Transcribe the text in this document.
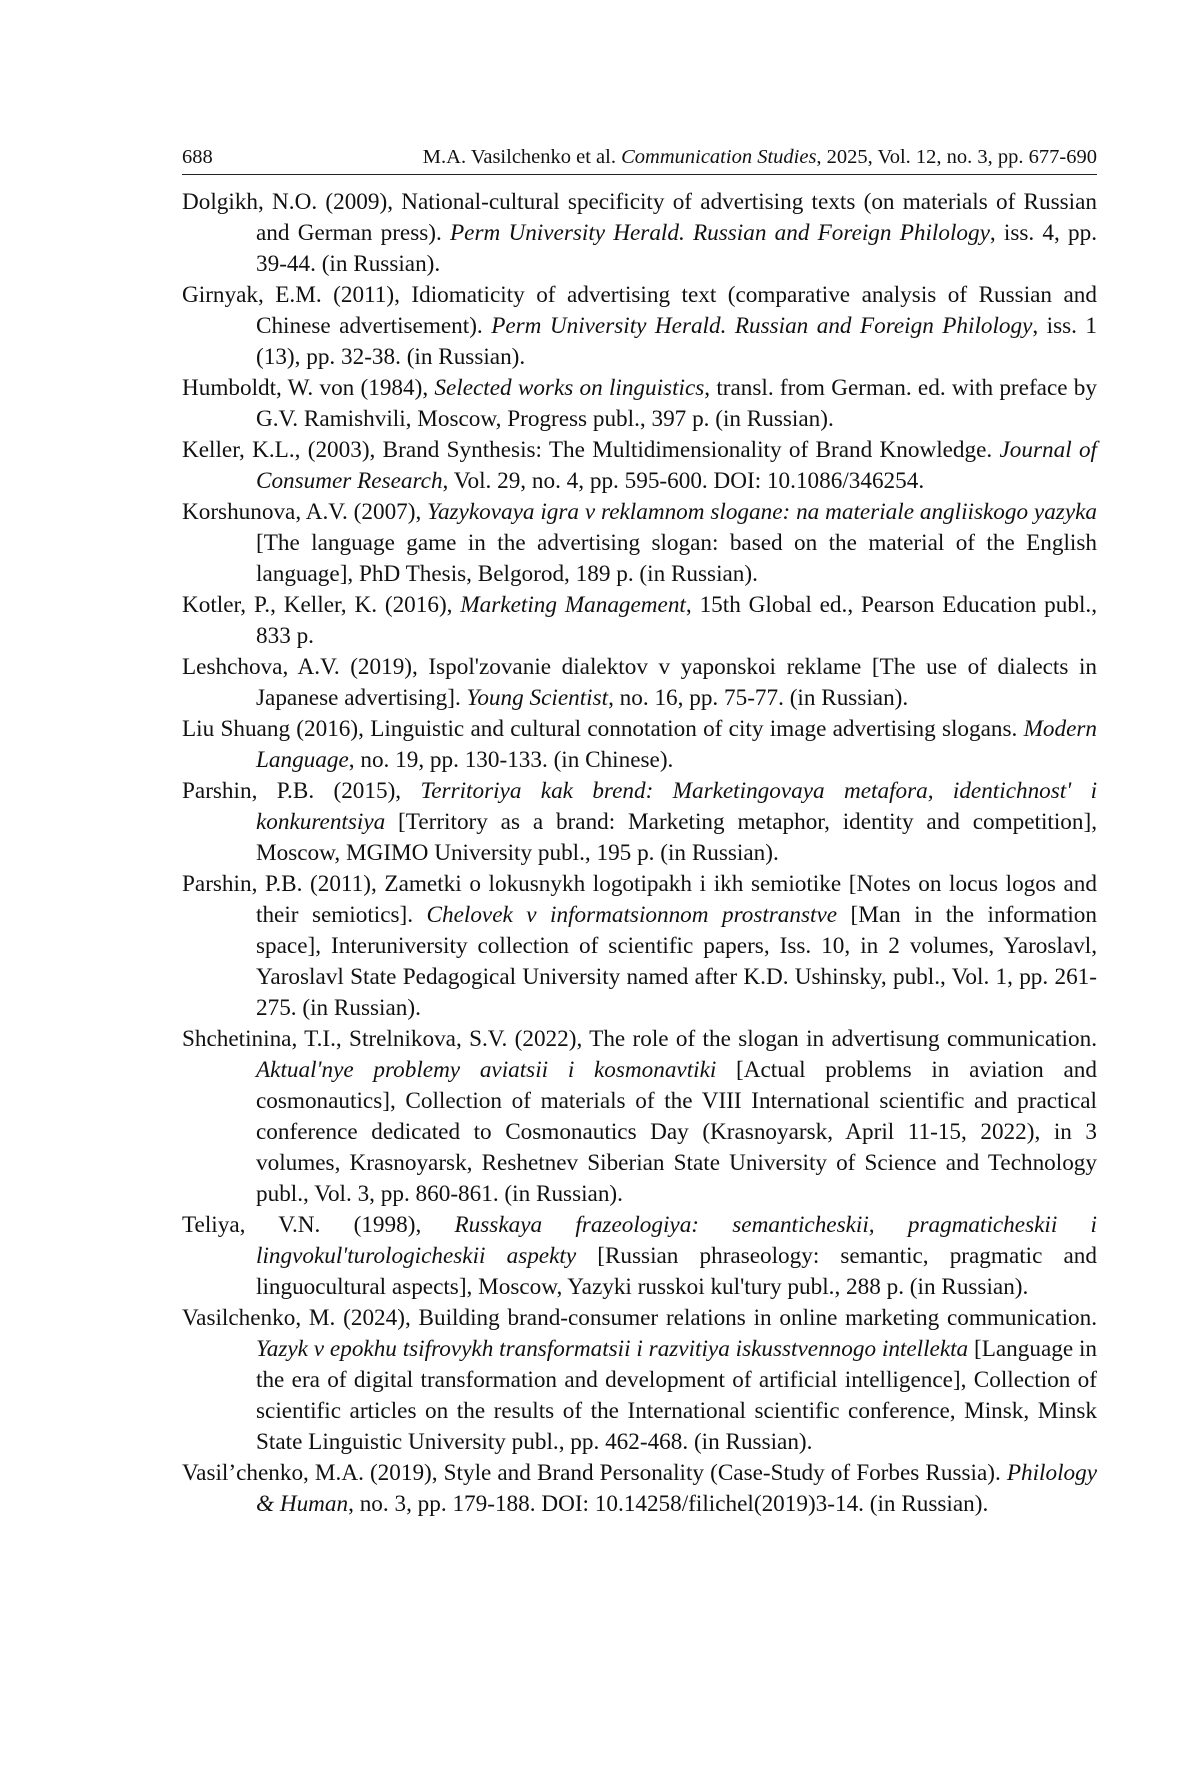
688	M.A. Vasilchenko et al. Communication Studies, 2025, Vol. 12, no. 3, pp. 677-690

Dolgikh, N.O. (2009), National-cultural specificity of advertising texts (on materials of Russian and German press). Perm University Herald. Russian and Foreign Philology, iss. 4, pp. 39-44. (in Russian).

Girnyak, E.M. (2011), Idiomaticity of advertising text (comparative analysis of Russian and Chinese advertisement). Perm University Herald. Russian and Foreign Philology, iss. 1 (13), pp. 32-38. (in Russian).

Humboldt, W. von (1984), Selected works on linguistics, transl. from German. ed. with preface by G.V. Ramishvili, Moscow, Progress publ., 397 p. (in Russian).

Keller, K.L., (2003), Brand Synthesis: The Multidimensionality of Brand Knowledge. Journal of Consumer Research, Vol. 29, no. 4, pp. 595-600. DOI: 10.1086/346254.

Korshunova, A.V. (2007), Yazykovaya igra v reklamnom slogane: na materiale angliiskogo yazyka [The language game in the advertising slogan: based on the material of the English language], PhD Thesis, Belgorod, 189 p. (in Russian).

Kotler, P., Keller, K. (2016), Marketing Management, 15th Global ed., Pearson Education publ., 833 p.

Leshchova, A.V. (2019), Ispol'zovanie dialektov v yaponskoi reklame [The use of dialects in Japanese advertising]. Young Scientist, no. 16, pp. 75-77. (in Russian).

Liu Shuang (2016), Linguistic and cultural connotation of city image advertising slogans. Modern Language, no. 19, pp. 130-133. (in Chinese).

Parshin, P.B. (2015), Territoriya kak brend: Marketingovaya metafora, identichnost' i konkurentsiya [Territory as a brand: Marketing metaphor, identity and competition], Moscow, MGIMO University publ., 195 p. (in Russian).

Parshin, P.B. (2011), Zametki o lokusnykh logotipakh i ikh semiotike [Notes on locus logos and their semiotics]. Chelovek v informatsionnom prostranstve [Man in the information space], Interuniversity collection of scientific papers, Iss. 10, in 2 volumes, Yaroslavl, Yaroslavl State Pedagogical University named after K.D. Ushinsky, publ., Vol. 1, pp. 261-275. (in Russian).

Shchetinina, T.I., Strelnikova, S.V. (2022), The role of the slogan in advertisung communication. Aktual'nye problemy aviatsii i kosmonavtiki [Actual problems in aviation and cosmonautics], Collection of materials of the VIII International scientific and practical conference dedicated to Cosmonautics Day (Krasnoyarsk, April 11-15, 2022), in 3 volumes, Krasnoyarsk, Reshetnev Siberian State University of Science and Technology publ., Vol. 3, pp. 860-861. (in Russian).

Teliya, V.N. (1998), Russkaya frazeologiya: semanticheskii, pragmaticheskii i lingvokul'turologicheskii aspekty [Russian phraseology: semantic, pragmatic and linguocultural aspects], Moscow, Yazyki russkoi kul'tury publ., 288 p. (in Russian).

Vasilchenko, M. (2024), Building brand-consumer relations in online marketing communication. Yazyk v epokhu tsifrovykh transformatsii i razvitiya iskusstvennogo intellekta [Language in the era of digital transformation and development of artificial intelligence], Collection of scientific articles on the results of the International scientific conference, Minsk, Minsk State Linguistic University publ., pp. 462-468. (in Russian).

Vasil’chenko, M.A. (2019), Style and Brand Personality (Case-Study of Forbes Russia). Philology & Human, no. 3, pp. 179-188. DOI: 10.14258/filichel(2019)3-14. (in Russian).
